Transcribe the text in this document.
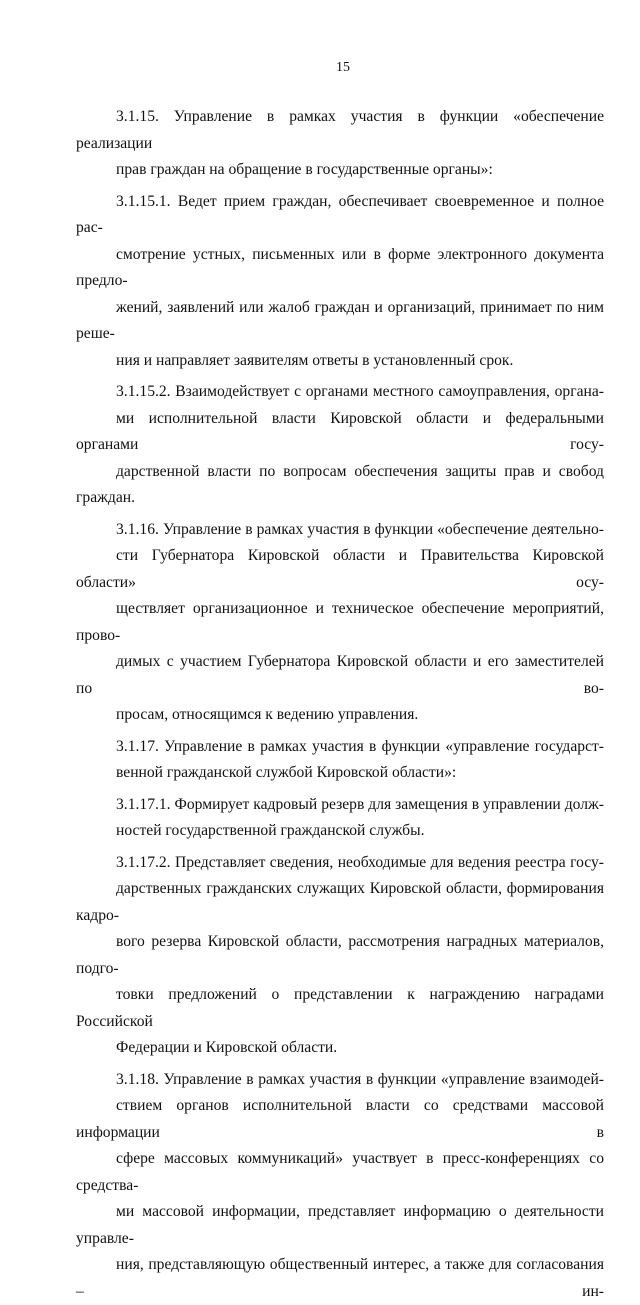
15

3.1.15. Управление в рамках участия в функции «обеспечение реализации
прав граждан на обращение в государственные органы»:

3.1.15.1. Ведет прием граждан, обеспечивает своевременное и полное рас-
смотрение устных, письменных или в форме электронного документа предло-
жений, заявлений или жалоб граждан и организаций, принимает по ним реше-
ния и направляет заявителям ответы в установленный срок.

3.1.15.2. Взаимодействует с органами местного самоуправления, органа-
ми исполнительной власти Кировской области и федеральными органами госу-
дарственной власти по вопросам обеспечения защиты прав и свобод граждан.

3.1.16. Управление в рамках участия в функции «обеспечение деятельно-
сти Губернатора Кировской области и Правительства Кировской области» осу-
ществляет организационное и техническое обеспечение мероприятий, прово-
димых с участием Губернатора Кировской области и его заместителей по во-
просам, относящимся к ведению управления.

3.1.17. Управление в рамках участия в функции «управление государст-
венной гражданской службой Кировской области»:

3.1.17.1. Формирует кадровый резерв для замещения в управлении долж-
ностей государственной гражданской службы.

3.1.17.2. Представляет сведения, необходимые для ведения реестра госу-
дарственных гражданских служащих Кировской области, формирования кадро-
вого резерва Кировской области, рассмотрения наградных материалов, подго-
товки предложений о представлении к награждению наградами Российской
Федерации и Кировской области.

3.1.18. Управление в рамках участия в функции «управление взаимодей-
ствием органов исполнительной власти со средствами массовой информации в
сфере массовых коммуникаций» участвует в пресс-конференциях со средства-
ми массовой информации, представляет информацию о деятельности управле-
ния, представляющую общественный интерес, а также для согласования – ин-
